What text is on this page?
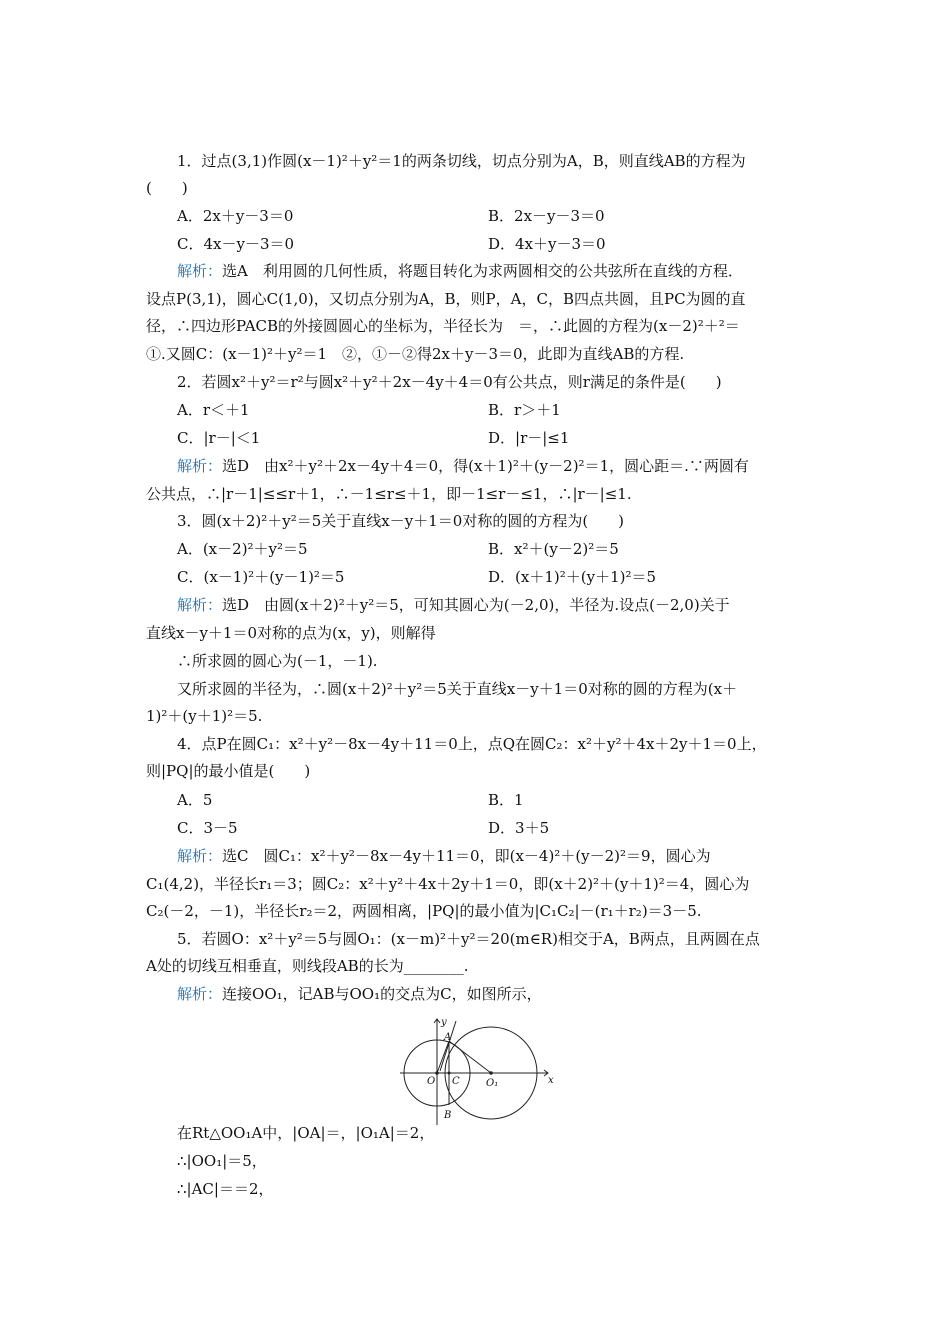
1．过点(3,1)作圆(x－1)²＋y²＝1的两条切线，切点分别为A，B，则直线AB的方程为
(　　)
A．2x＋y－3＝0	B．2x－y－3＝0
C．4x－y－3＝0	D．4x＋y－3＝0
解析：选A　利用圆的几何性质，将题目转化为求两圆相交的公共弦所在直线的方程．
设点P(3,1)，圆心C(1,0)，又切点分别为A，B，则P，A，C，B四点共圆，且PC为圆的直
径，∴四边形PACB的外接圆圆心的坐标为，半径长为　＝，∴此圆的方程为(x－2)²＋²＝
①.又圆C：(x－1)²＋y²＝1　②，①－②得2x＋y－3＝0，此即为直线AB的方程.
2．若圆x²＋y²＝r²与圆x²＋y²＋2x－4y＋4＝0有公共点，则r满足的条件是(　　)
A．r＜＋1	B．r＞＋1
C．|r－|＜1	D．|r－|≤1
解析：选D　由x²＋y²＋2x－4y＋4＝0，得(x＋1)²＋(y－2)²＝1，圆心距＝.∵两圆有
公共点，∴|r－1|≤≤r＋1，∴－1≤r≤＋1，即－1≤r－≤1，∴|r－|≤1.
3．圆(x＋2)²＋y²＝5关于直线x－y＋1＝0对称的圆的方程为(　　)
A．(x－2)²＋y²＝5	B．x²＋(y－2)²＝5
C．(x－1)²＋(y－1)²＝5	D．(x＋1)²＋(y＋1)²＝5
解析：选D　由圆(x＋2)²＋y²＝5，可知其圆心为(－2,0)，半径为.设点(－2,0)关于
直线x－y＋1＝0对称的点为(x，y)，则解得
∴所求圆的圆心为(－1，－1).
又所求圆的半径为，∴圆(x＋2)²＋y²＝5关于直线x－y＋1＝0对称的圆的方程为(x＋
1)²＋(y＋1)²＝5.
4．点P在圆C₁：x²＋y²－8x－4y＋11＝0上，点Q在圆C₂：x²＋y²＋4x＋2y＋1＝0上，
则|PQ|的最小值是(　　)
A．5	B．1
C．3－5	D．3＋5
解析：选C　圆C₁：x²＋y²－8x－4y＋11＝0，即(x－4)²＋(y－2)²＝9，圆心为
C₁(4,2)，半径长r₁＝3；圆C₂：x²＋y²＋4x＋2y＋1＝0，即(x＋2)²＋(y＋1)²＝4，圆心为
C₂(－2，－1)，半径长r₂＝2，两圆相离，|PQ|的最小值为|C₁C₂|－(r₁＋r₂)＝3－5.
5．若圆O：x²＋y²＝5与圆O₁：(x－m)²＋y²＝20(m∈R)相交于A，B两点，且两圆在点
A处的切线互相垂直，则线段AB的长为________.
解析：连接OO₁，记AB与OO₁的交点为C，如图所示，
y
x
A
B
O C	O₁
在Rt△OO₁A中，|OA|＝，|O₁A|＝2，
∴|OO₁|＝5，
∴|AC|＝＝2，
